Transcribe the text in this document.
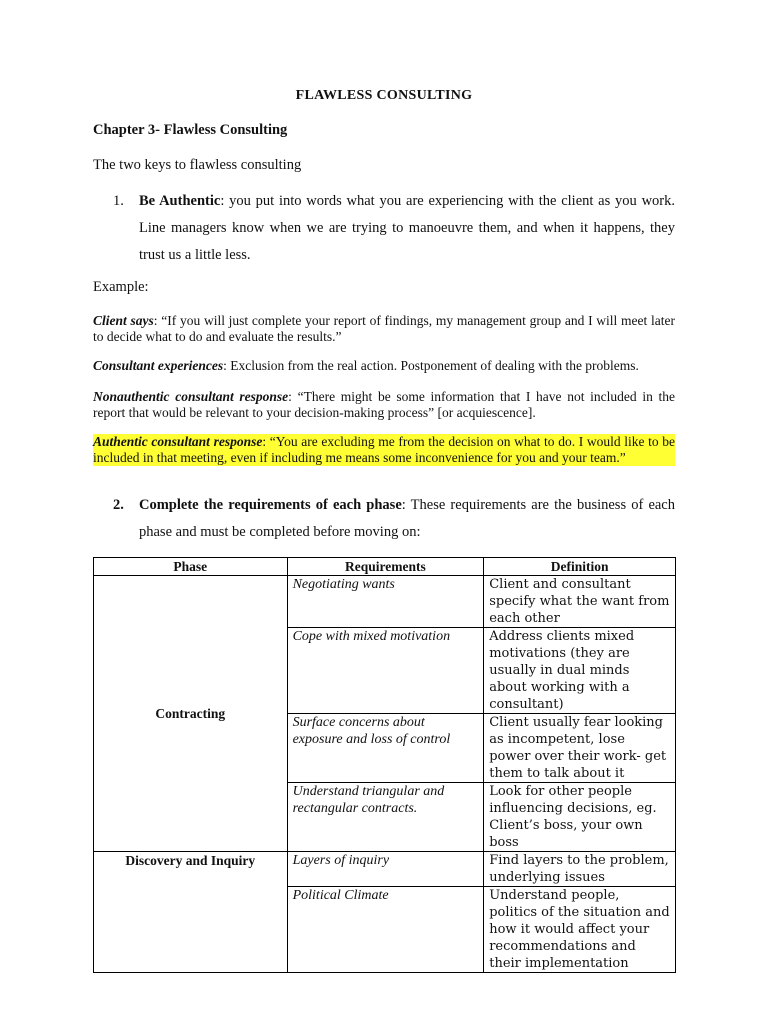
FLAWLESS CONSULTING
Chapter 3- Flawless Consulting
The two keys to flawless consulting
1. Be Authentic: you put into words what you are experiencing with the client as you work. Line managers know when we are trying to manoeuvre them, and when it happens, they trust us a little less.
Example:
Client says: “If you will just complete your report of findings, my management group and I will meet later to decide what to do and evaluate the results.”
Consultant experiences: Exclusion from the real action. Postponement of dealing with the problems.
Nonauthentic consultant response: “There might be some information that I have not included in the report that would be relevant to your decision-making process” [or acquiescence].
Authentic consultant response: “You are excluding me from the decision on what to do. I would like to be included in that meeting, even if including me means some inconvenience for you and your team.”
2. Complete the requirements of each phase: These requirements are the business of each phase and must be completed before moving on:
Phase	Requirements	Definition
Contracting	Negotiating wants	Client and consultant specify what the want from each other
	Cope with mixed motivation	Address clients mixed motivations (they are usually in dual minds about working with a consultant)
	Surface concerns about exposure and loss of control	Client usually fear looking as incompetent, lose power over their work- get them to talk about it
	Understand triangular and rectangular contracts.	Look for other people influencing decisions, eg. Client’s boss, your own boss
Discovery and Inquiry	Layers of inquiry	Find layers to the problem, underlying issues
	Political Climate	Understand people, politics of the situation and how it would affect your recommendations and their implementation
